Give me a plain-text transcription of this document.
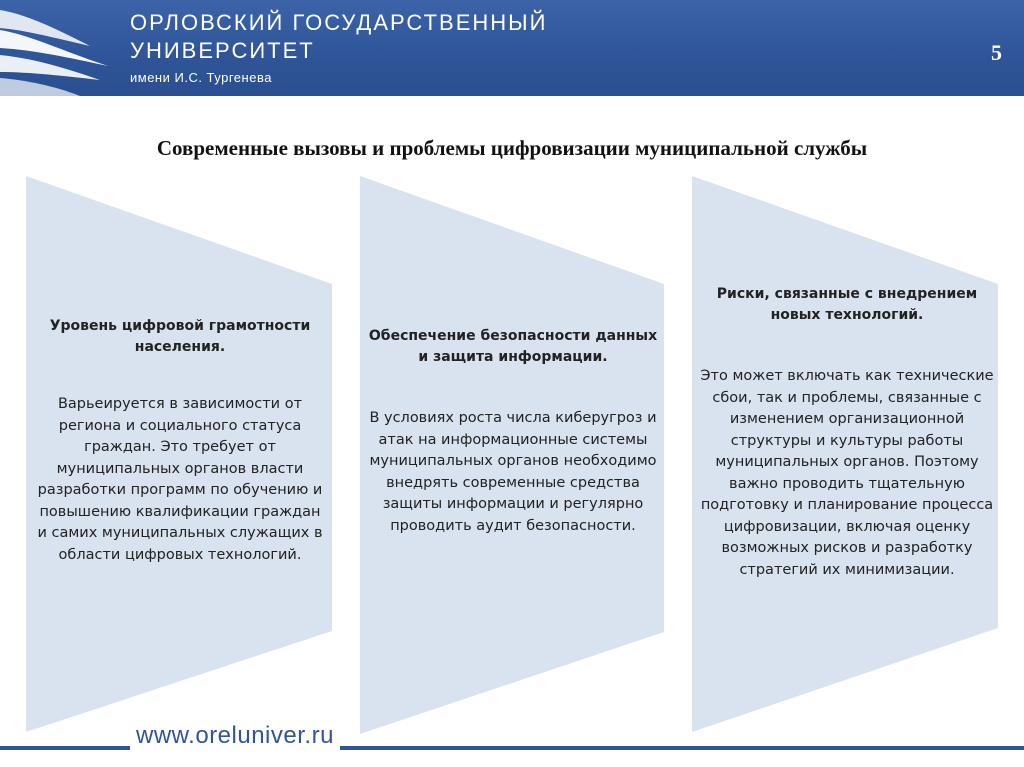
ОРЛОВСКИЙ ГОСУДАРСТВЕННЫЙ
УНИВЕРСИТЕТ
имени И.С. Тургенева
5
Современные вызовы и проблемы цифровизации муниципальной службы
Уровень цифровой грамотности населения.
Варьеируется в зависимости от региона и социального статуса граждан. Это требует от муниципальных органов власти разработки программ по обучению и повышению квалификации граждан и самих муниципальных служащих в области цифровых технологий.
Обеспечение безопасности данных и защита информации.
В условиях роста числа киберугроз и атак на информационные системы муниципальных органов необходимо внедрять современные средства защиты информации и регулярно проводить аудит безопасности.
Риски, связанные с внедрением новых технологий.
Это может включать как технические сбои, так и проблемы, связанные с изменением организационной структуры и культуры работы муниципальных органов. Поэтому важно проводить тщательную подготовку и планирование процесса цифровизации, включая оценку возможных рисков и разработку стратегий их минимизации.
www.oreluniver.ru
